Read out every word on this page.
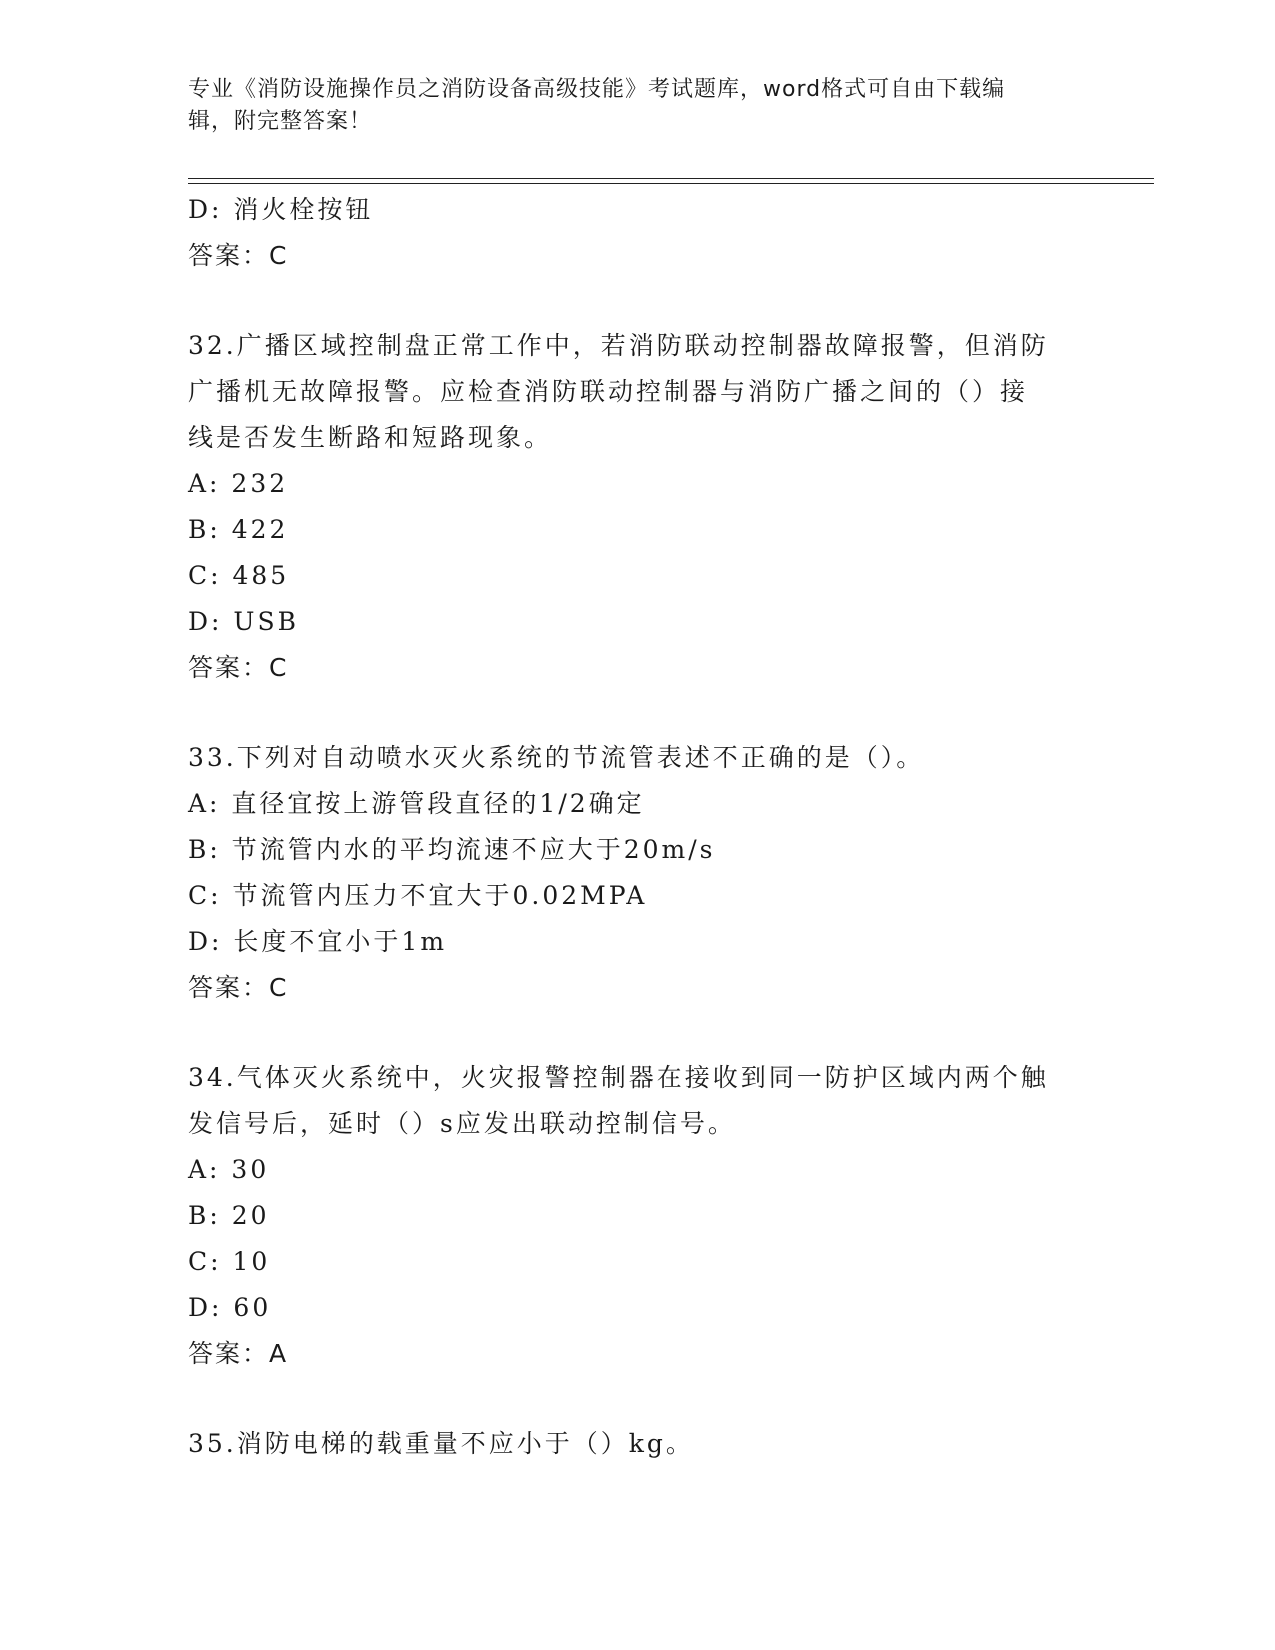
专业《消防设施操作员之消防设备高级技能》考试题库，word格式可自由下载编
辑，附完整答案！
D: 消火栓按钮
答案：C
32.广播区域控制盘正常工作中，若消防联动控制器故障报警，但消防
广播机无故障报警。应检查消防联动控制器与消防广播之间的（）接
线是否发生断路和短路现象。
A: 232
B: 422
C: 485
D: USB
答案：C
33.下列对自动喷水灭火系统的节流管表述不正确的是（）。
A: 直径宜按上游管段直径的1/2确定
B: 节流管内水的平均流速不应大于20m/s
C: 节流管内压力不宜大于0.02MPA
D: 长度不宜小于1m
答案：C
34.气体灭火系统中，火灾报警控制器在接收到同一防护区域内两个触
发信号后，延时（）s应发出联动控制信号。
A: 30
B: 20
C: 10
D: 60
答案：A
35.消防电梯的载重量不应小于（）kg。
